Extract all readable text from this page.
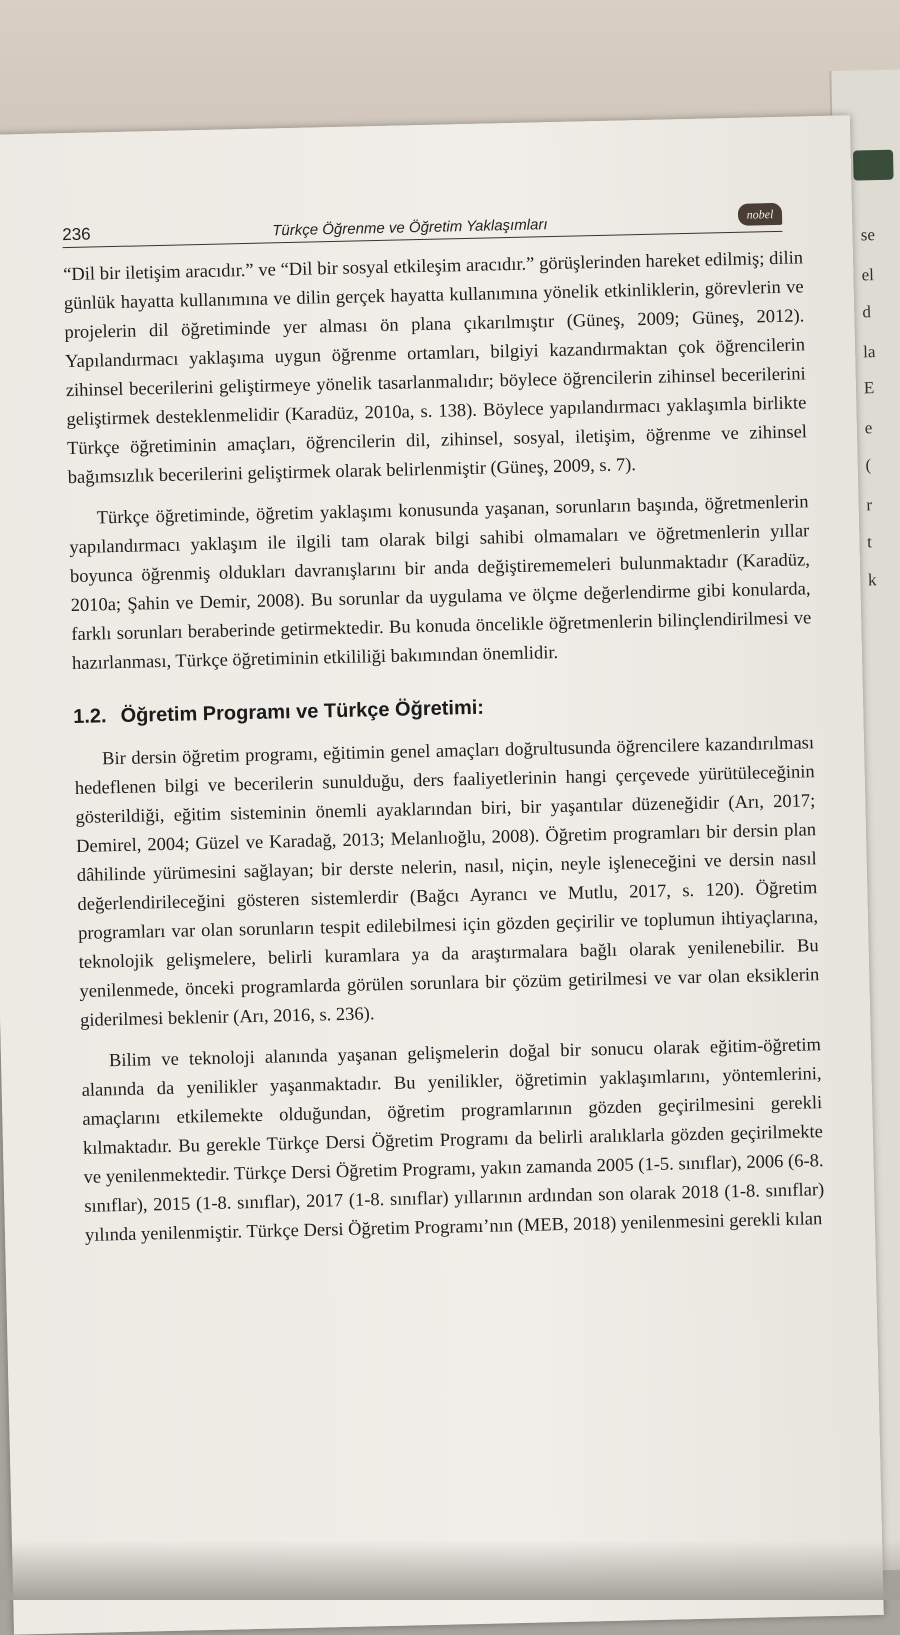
se
el
d
la
E
e
(
r
t
k
236	Türkçe Öğrenme ve Öğretim Yaklaşımları
nobel

“Dil bir iletişim aracıdır.” ve “Dil bir sosyal etkileşim aracıdır.” görüşlerinden hareket edilmiş; dilin günlük hayatta kullanımına ve dilin gerçek hayatta kullanımına yönelik etkinliklerin, görevlerin ve projelerin dil öğretiminde yer alması ön plana çıkarılmıştır (Güneş, 2009; Güneş, 2012). Yapılandırmacı yaklaşıma uygun öğrenme ortamları, bilgiyi kazandırmaktan çok öğrencilerin zihinsel becerilerini geliştirmeye yönelik tasarlanmalıdır; böylece öğrencilerin zihinsel becerilerini geliştirmek desteklenmelidir (Karadüz, 2010a, s. 138). Böylece yapılandırmacı yaklaşımla birlikte Türkçe öğretiminin amaçları, öğrencilerin dil, zihinsel, sosyal, iletişim, öğrenme ve zihinsel bağımsızlık becerilerini geliştirmek olarak belirlenmiştir (Güneş, 2009, s. 7).

Türkçe öğretiminde, öğretim yaklaşımı konusunda yaşanan, sorunların başında, öğretmenlerin yapılandırmacı yaklaşım ile ilgili tam olarak bilgi sahibi olmamaları ve öğretmenlerin yıllar boyunca öğrenmiş oldukları davranışlarını bir anda değiştirememeleri bulunmaktadır (Karadüz, 2010a; Şahin ve Demir, 2008). Bu sorunlar da uygulama ve ölçme değerlendirme gibi konularda, farklı sorunları beraberinde getirmektedir. Bu konuda öncelikle öğretmenlerin bilinçlendirilmesi ve hazırlanması, Türkçe öğretiminin etkililiği bakımından önemlidir.

1.2. Öğretim Programı ve Türkçe Öğretimi:

Bir dersin öğretim programı, eğitimin genel amaçları doğrultusunda öğrencilere kazandırılması hedeflenen bilgi ve becerilerin sunulduğu, ders faaliyetlerinin hangi çerçevede yürütüleceğinin gösterildiği, eğitim sisteminin önemli ayaklarından biri, bir yaşantılar düzeneğidir (Arı, 2017; Demirel, 2004; Güzel ve Karadağ, 2013; Melanlıoğlu, 2008). Öğretim programları bir dersin plan dâhilinde yürümesini sağlayan; bir derste nelerin, nasıl, niçin, neyle işleneceğini ve dersin nasıl değerlendirileceğini gösteren sistemlerdir (Bağcı Ayrancı ve Mutlu, 2017, s. 120). Öğretim programları var olan sorunların tespit edilebilmesi için gözden geçirilir ve toplumun ihtiyaçlarına, teknolojik gelişmelere, belirli kuramlara ya da araştırmalara bağlı olarak yenilenebilir. Bu yenilenmede, önceki programlarda görülen sorunlara bir çözüm getirilmesi ve var olan eksiklerin giderilmesi beklenir (Arı, 2016, s. 236).

Bilim ve teknoloji alanında yaşanan gelişmelerin doğal bir sonucu olarak eğitim-öğretim alanında da yenilikler yaşanmaktadır. Bu yenilikler, öğretimin yaklaşımlarını, yöntemlerini, amaçlarını etkilemekte olduğundan, öğretim programlarının gözden geçirilmesini gerekli kılmaktadır. Bu gerekle Türkçe Dersi Öğretim Programı da belirli aralıklarla gözden geçirilmekte ve yenilenmektedir. Türkçe Dersi Öğretim Programı, yakın zamanda 2005 (1-5. sınıflar), 2006 (6-8. sınıflar), 2015 (1-8. sınıflar), 2017 (1-8. sınıflar) yıllarının ardından son olarak 2018 (1-8. sınıflar) yılında yenilenmiştir. Türkçe Dersi Öğretim Programı’nın (MEB, 2018) yenilenmesini gerekli kılan
